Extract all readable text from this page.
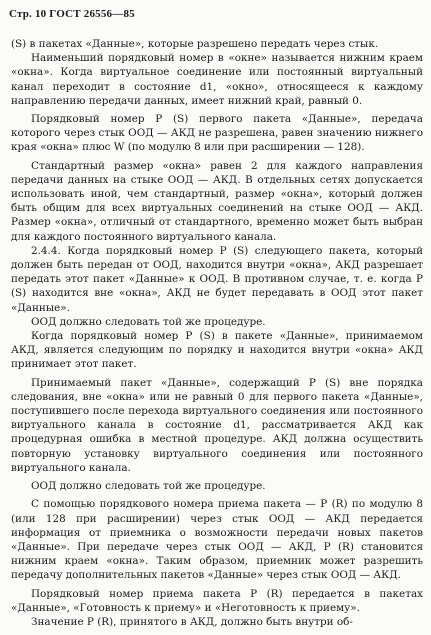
Стр. 10 ГОСТ 26556—85

(S) в пакетах «Данные», которые разрешено передать через стык.

Наименьший порядковый номер в «окне» называется нижним краем «окна». Когда виртуальное соединение или постоянный виртуальный канал переходит в состояние d1, «окно», относящееся к каждому направлению передачи данных, имеет нижний край, равный 0.

Порядковый номер P (S) первого пакета «Данные», передача которого через стык ООД — АКД не разрешена, равен значению нижнего края «окна» плюс W (по модулю 8 или при расширении — 128).

Стандартный размер «окна» равен 2 для каждого направления передачи данных на стыке ООД — АКД. В отдельных сетях допускается использовать иной, чем стандартный, размер «окна», который должен быть общим для всех виртуальных соединений на стыке ООД — АКД. Размер «окна», отличный от стандартного, временно может быть выбран для каждого постоянного виртуального канала.

2.4.4. Когда порядковый номер P (S) следующего пакета, который должен быть передан от ООД, находится внутри «окна», АКД разрешает передать этот пакет «Данные» к ООД. В противном случае, т. е. когда P (S) находится вне «окна», АКД не будет передавать в ООД этот пакет «Данные».

ООД должно следовать той же процедуре.

Когда порядковый номер P (S) в пакете «Данные», принимаемом АКД, является следующим по порядку и находится внутри «окна» АКД принимает этот пакет.

Принимаемый пакет «Данные», содержащий P (S) вне порядка следования, вне «окна» или не равный 0 для первого пакета «Данные», поступившего после перехода виртуального соединения или постоянного виртуального канала в состояние d1, рассматривается АКД как процедурная ошибка в местной процедуре. АКД должна осуществить повторную установку виртуального соединения или постоянного виртуального канала.

ООД должно следовать той же процедуре.

С помощью порядкового номера приема пакета — P (R) по модулю 8 (или 128 при расширении) через стык ООД — АКД передается информация от приемника о возможности передачи новых пакетов «Данные». При передаче через стык ООД — АКД, P (R) становится нижним краем «окна». Таким образом, приемник может разрешить передачу дополнительных пакетов «Данные» через стык ООД — АКД.

Порядковый номер приема пакета P (R) передается в пакетах «Данные», «Готовность к приему» и «Неготовность к приему».

Значение P (R), принятого в АКД, должно быть внутри об-
